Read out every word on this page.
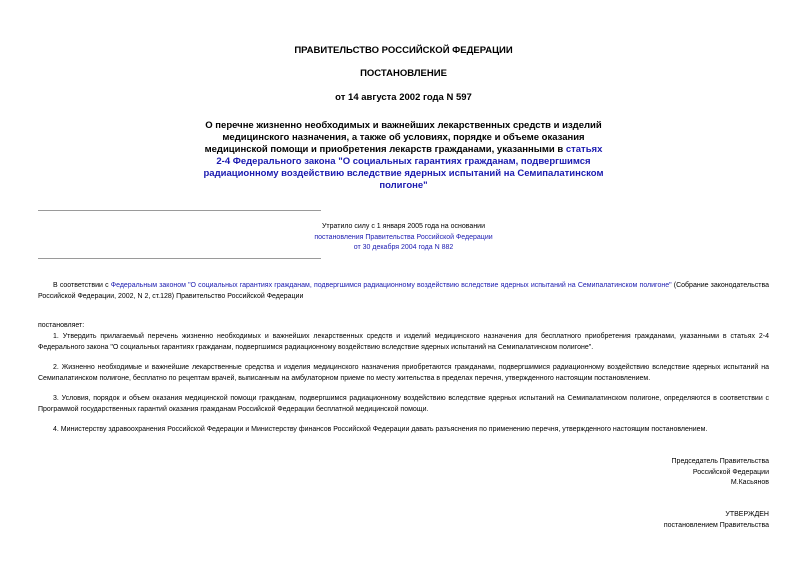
ПРАВИТЕЛЬСТВО РОССИЙСКОЙ ФЕДЕРАЦИИ
ПОСТАНОВЛЕНИЕ
от 14 августа 2002 года N 597
О перечне жизненно необходимых и важнейших лекарственных средств и изделий медицинского назначения, а также об условиях, порядке и объеме оказания медицинской помощи и приобретения лекарств гражданами, указанными в статьях 2-4 Федерального закона "О социальных гарантиях гражданам, подвергшимся радиационному воздействию вследствие ядерных испытаний на Семипалатинском полигоне"
Утратило силу с 1 января 2005 года на основании
постановления Правительства Российской Федерации
от 30 декабря 2004 года N 882
В соответствии с Федеральным законом "О социальных гарантиях гражданам, подвергшимся радиационному воздействию вследствие ядерных испытаний на Семипалатинском полигоне" (Собрание законодательства Российской Федерации, 2002, N 2, ст.128) Правительство Российской Федерации
постановляет:
1. Утвердить прилагаемый перечень жизненно необходимых и важнейших лекарственных средств и изделий медицинского назначения для бесплатного приобретения гражданами, указанными в статьях 2-4 Федерального закона "О социальных гарантиях гражданам, подвергшимся радиационному воздействию вследствие ядерных испытаний на Семипалатинском полигоне".
2. Жизненно необходимые и важнейшие лекарственные средства и изделия медицинского назначения приобретаются гражданами, подвергшимися радиационному воздействию вследствие ядерных испытаний на Семипалатинском полигоне, бесплатно по рецептам врачей, выписанным на амбулаторном приеме по месту жительства в пределах перечня, утвержденного настоящим постановлением.
3. Условия, порядок и объем оказания медицинской помощи гражданам, подвергшимся радиационному воздействию вследствие ядерных испытаний на Семипалатинском полигоне, определяются в соответствии с Программой государственных гарантий оказания гражданам Российской Федерации бесплатной медицинской помощи.
4. Министерству здравоохранения Российской Федерации и Министерству финансов Российской Федерации давать разъяснения по применению перечня, утвержденного настоящим постановлением.
Председатель Правительства
Российской Федерации
М.Касьянов
УТВЕРЖДЕН
постановлением Правительства
